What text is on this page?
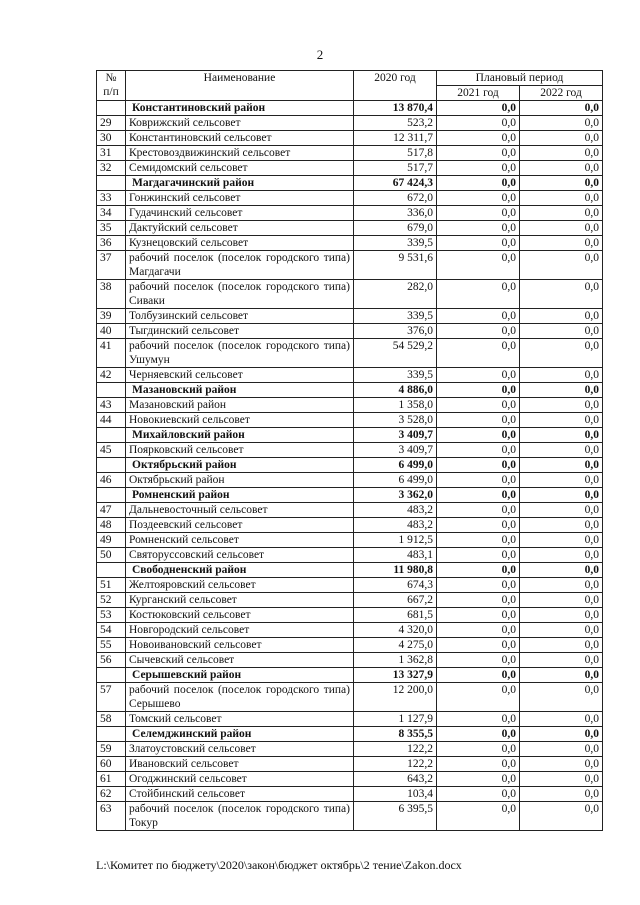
2
№
п/п	Наименование	2020 год	Плановый период	
			2021 год	2022 год
	Константиновский район	13 870,4	0,0	0,0
29	Коврижский сельсовет	523,2	0,0	0,0
30	Константиновский сельсовет	12 311,7	0,0	0,0
31	Крестовоздвижинский сельсовет	517,8	0,0	0,0
32	Семидомский сельсовет	517,7	0,0	0,0
	Магдагачинский район	67 424,3	0,0	0,0
33	Гонжинский сельсовет	672,0	0,0	0,0
34	Гудачинский сельсовет	336,0	0,0	0,0
35	Дактуйский сельсовет	679,0	0,0	0,0
36	Кузнецовский сельсовет	339,5	0,0	0,0
37	рабочий поселок (поселок городского типа) Магдагачи	9 531,6	0,0	0,0
38	рабочий поселок (поселок городского типа) Сиваки	282,0	0,0	0,0
39	Толбузинский сельсовет	339,5	0,0	0,0
40	Тыгдинский сельсовет	376,0	0,0	0,0
41	рабочий поселок (поселок городского типа) Ушумун	54 529,2	0,0	0,0
42	Черняевский сельсовет	339,5	0,0	0,0
	Мазановский район	4 886,0	0,0	0,0
43	Мазановский район	1 358,0	0,0	0,0
44	Новокиевский сельсовет	3 528,0	0,0	0,0
	Михайловский район	3 409,7	0,0	0,0
45	Поярковский сельсовет	3 409,7	0,0	0,0
	Октябрьский район	6 499,0	0,0	0,0
46	Октябрьский район	6 499,0	0,0	0,0
	Ромненский район	3 362,0	0,0	0,0
47	Дальневосточный сельсовет	483,2	0,0	0,0
48	Поздеевский сельсовет	483,2	0,0	0,0
49	Ромненский сельсовет	1 912,5	0,0	0,0
50	Святоруссовский сельсовет	483,1	0,0	0,0
	Свободненский район	11 980,8	0,0	0,0
51	Желтояровский сельсовет	674,3	0,0	0,0
52	Курганский сельсовет	667,2	0,0	0,0
53	Костюковский сельсовет	681,5	0,0	0,0
54	Новгородский сельсовет	4 320,0	0,0	0,0
55	Новоивановский сельсовет	4 275,0	0,0	0,0
56	Сычевский сельсовет	1 362,8	0,0	0,0
	Серышевский район	13 327,9	0,0	0,0
57	рабочий поселок (поселок городского типа) Серышево	12 200,0	0,0	0,0
58	Томский сельсовет	1 127,9	0,0	0,0
	Селемджинский район	8 355,5	0,0	0,0
59	Златоустовский сельсовет	122,2	0,0	0,0
60	Ивановский сельсовет	122,2	0,0	0,0
61	Огоджинский сельсовет	643,2	0,0	0,0
62	Стойбинский сельсовет	103,4	0,0	0,0
63	рабочий поселок (поселок городского типа) Токур	6 395,5	0,0	0,0
L:\Комитет по бюджету\2020\закон\бюджет октябрь\2 тение\Zakon.docx
